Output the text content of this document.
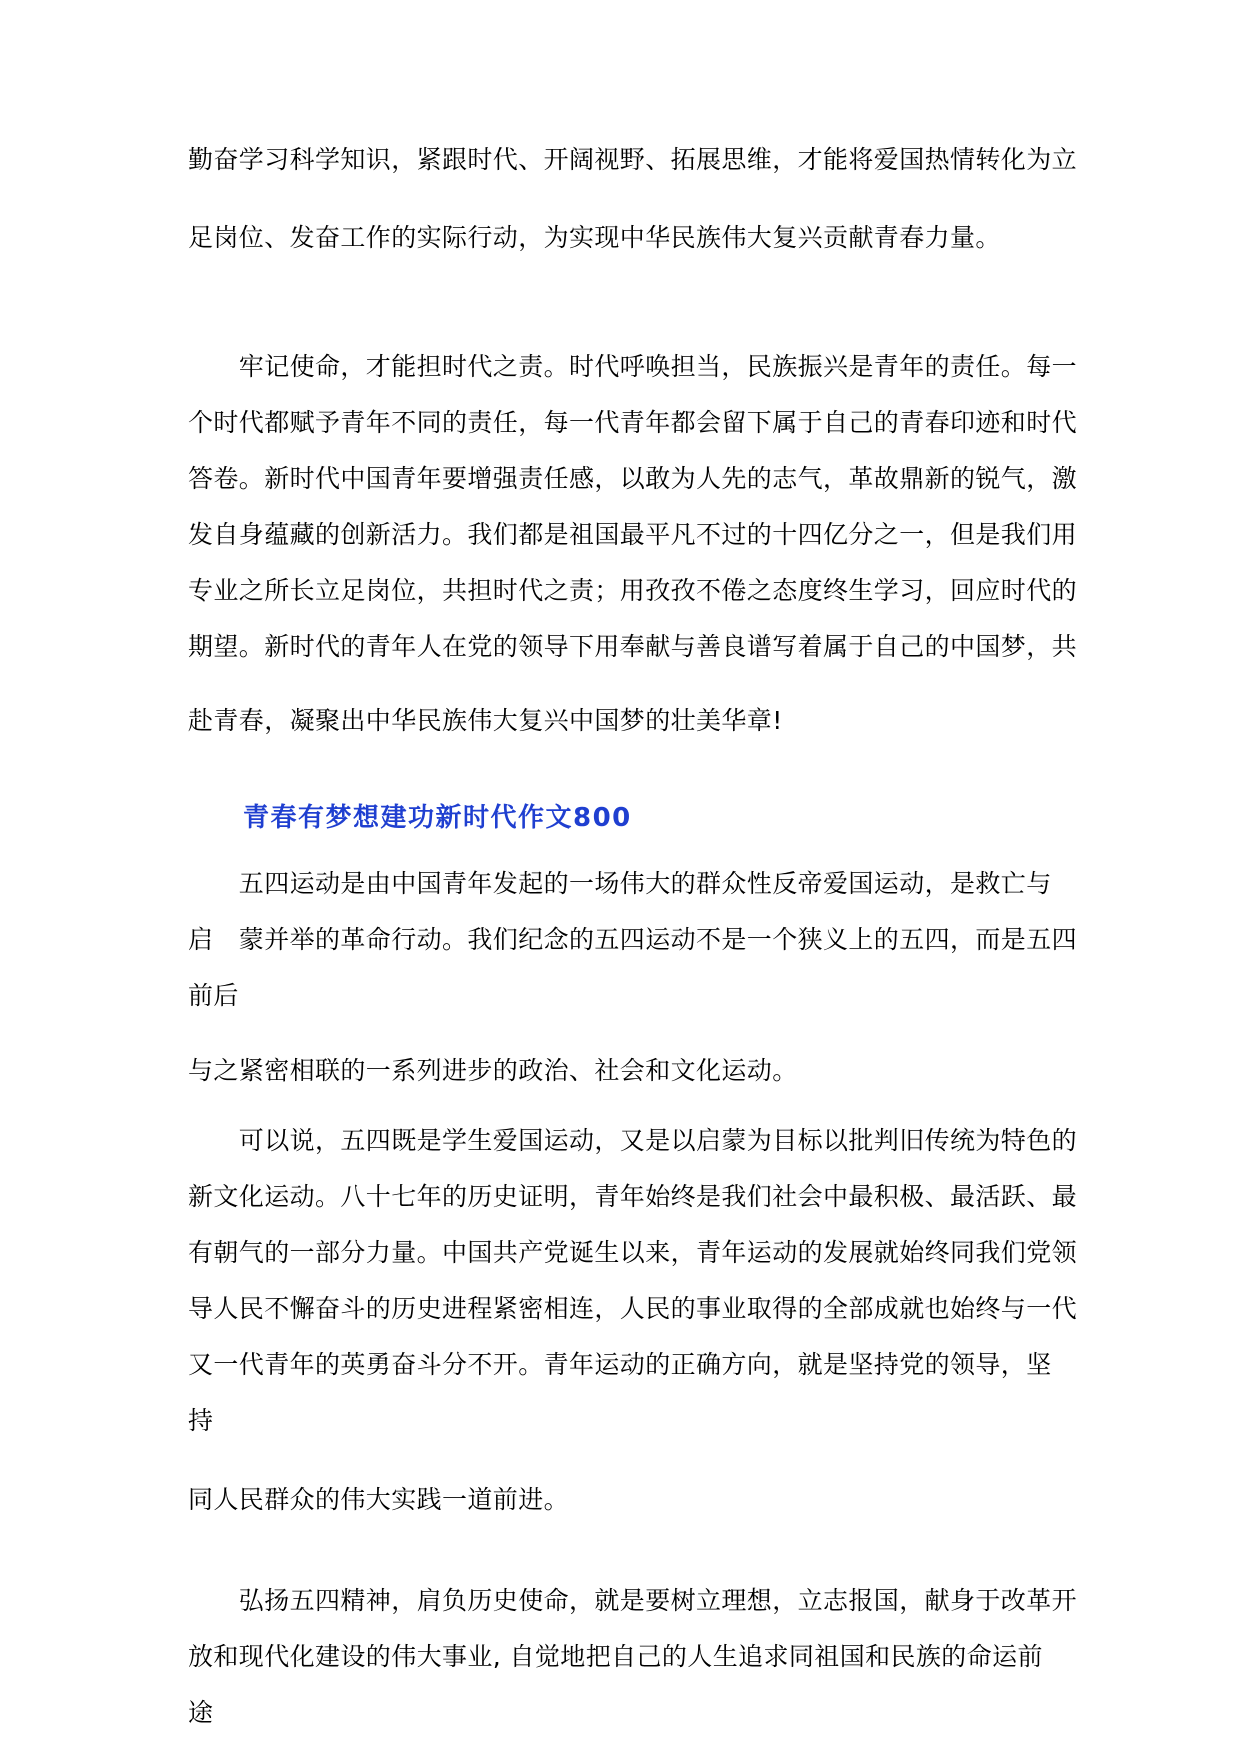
勤奋学习科学知识，紧跟时代、开阔视野、拓展思维，才能将爱国热情转化为立
足岗位、发奋工作的实际行动，为实现中华民族伟大复兴贡献青春力量。
　　牢记使命，才能担时代之责。时代呼唤担当，民族振兴是青年的责任。每一
个时代都赋予青年不同的责任，每一代青年都会留下属于自己的青春印迹和时代
答卷。新时代中国青年要增强责任感，以敢为人先的志气，革故鼎新的锐气，激
发自身蕴藏的创新活力。我们都是祖国最平凡不过的十四亿分之一，但是我们用
专业之所长立足岗位，共担时代之责；用孜孜不倦之态度终生学习，回应时代的
期望。新时代的青年人在党的领导下用奉献与善良谱写着属于自己的中国梦，共
赴青春，凝聚出中华民族伟大复兴中国梦的壮美华章!
青春有梦想建功新时代作文800
　　五四运动是由中国青年发起的一场伟大的群众性反帝爱国运动，是救亡与
启　蒙并举的革命行动。我们纪念的五四运动不是一个狭义上的五四，而是五四
前后
与之紧密相联的一系列进步的政治、社会和文化运动。
　　可以说，五四既是学生爱国运动，又是以启蒙为目标以批判旧传统为特色的
新文化运动。八十七年的历史证明，青年始终是我们社会中最积极、最活跃、最
有朝气的一部分力量。中国共产党诞生以来，青年运动的发展就始终同我们党领
导人民不懈奋斗的历史进程紧密相连，人民的事业取得的全部成就也始终与一代
又一代青年的英勇奋斗分不开。青年运动的正确方向，就是坚持党的领导，坚
持
同人民群众的伟大实践一道前进。
　　弘扬五四精神，肩负历史使命，就是要树立理想，立志报国，献身于改革开
放和现代化建设的伟大事业, 自觉地把自己的人生追求同祖国和民族的命运前
途
